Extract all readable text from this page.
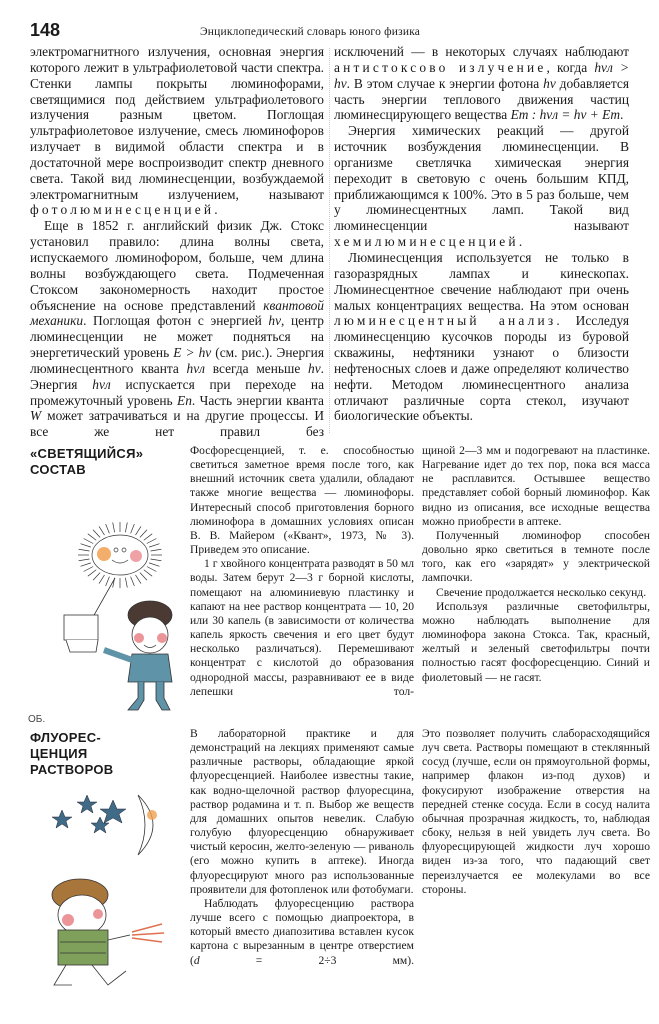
148	Энциклопедический словарь юного физика

электромагнитного излучения, основная энергия которого лежит в ультрафиолетовой части спектра. Стенки лампы покрыты люминофорами, светящимися под действием ультрафиолетового излучения разным цветом. Поглощая ультрафиолетовое излучение, смесь люминофоров излучает в видимой области спектра и в достаточной мере воспроизводит спектр дневного света. Такой вид люминесценции, возбуждаемой электромагнитным излучением, называют фотолюминесценцией.

Еще в 1852 г. английский физик Дж. Стокс установил правило: длина волны света, испускаемого люминофором, больше, чем длина волны возбуждающего света. Подмеченная Стоксом закономерность находит простое объяснение на основе представлений квантовой механики. Поглощая фотон с энергией hν, центр люминесценции не может подняться на энергетический уровень E > hν (см. рис.). Энергия люминесцентного кванта hνл всегда меньше hν. Энергия hνл испускается при переходе на промежуточный уровень Eп. Часть энергии кванта W может затрачиваться и на другие процессы. И все же нет правил без

исключений — в некоторых случаях наблюдают антистоксово излучение, когда hνл > hν. В этом случае к энергии фотона hν добавляется часть энергии теплового движения частиц люминесцирующего вещества Eт : hνл = hν + Eт.

Энергия химических реакций — другой источник возбуждения люминесценции. В организме светлячка химическая энергия переходит в световую с очень большим КПД, приближающимся к 100%. Это в 5 раз больше, чем у люминесцентных ламп. Такой вид люминесценции называют хемилюминесценцией.

Люминесценция используется не только в газоразрядных лампах и кинескопах. Люминесцентное свечение наблюдают при очень малых концентрациях вещества. На этом основан люминесцентный анализ. Исследуя люминесценцию кусочков породы из буровой скважины, нефтяники узнают о близости нефтеносных слоев и даже определяют количество нефти. Методом люминесцентного анализа отличают различные сорта стекол, изучают биологические объекты.

«СВЕТЯЩИЙСЯ»
СОСТАВ

Фосфоресценцией, т. е. способностью светиться заметное время после того, как внешний источник света удалили, обладают также многие вещества — люминофоры. Интересный способ приготовления борного люминофора в домашних условиях описан В. В. Майером («Квант», 1973, № 3). Приведем это описание.

1 г хвойного концентрата разводят в 50 мл воды. Затем берут 2—3 г борной кислоты, помещают на алюминиевую пластинку и капают на нее раствор концентрата — 10, 20 или 30 капель (в зависимости от количества капель яркость свечения и его цвет будут несколько различаться). Перемешивают концентрат с кислотой до образования однородной массы, разравнивают ее в виде лепешки тол-

щиной 2—3 мм и подогревают на пластинке. Нагревание идет до тех пор, пока вся масса не расплавится. Остывшее вещество представляет собой борный люминофор. Как видно из описания, все исходные вещества можно приобрести в аптеке.

Полученный люминофор способен довольно ярко светиться в темноте после того, как его «зарядят» у электрической лампочки.

Свечение продолжается несколько секунд.

Используя различные светофильтры, можно наблюдать выполнение для люминофора закона Стокса. Так, красный, желтый и зеленый светофильтры почти полностью гасят фосфоресценцию. Синий и фиолетовый — не гасят.

ОБ.
ФЛУОРЕС-
ЦЕНЦИЯ
РАСТВОРОВ

В лабораторной практике и для демонстраций на лекциях применяют самые различные растворы, обладающие яркой флуоресценцией. Наиболее известны такие, как водно-щелочной раствор флуоресцина, раствор родамина и т. п. Выбор же веществ для домашних опытов невелик. Слабую голубую флуоресценцию обнаруживает чистый керосин, желто-зеленую — риваноль (его можно купить в аптеке). Иногда флуоресцируют много раз использованные проявители для фотопленок или фотобумаги.

Наблюдать флуоресценцию раствора лучше всего с помощью диапроектора, в который вместо диапозитива вставлен кусок картона с вырезанным в центре отверстием (d = 2÷3 мм).

Это позволяет получить слаборасходящийся луч света. Растворы помещают в стеклянный сосуд (лучше, если он прямоугольной формы, например флакон из-под духов) и фокусируют изображение отверстия на передней стенке сосуда. Если в сосуд налита обычная прозрачная жидкость, то, наблюдая сбоку, нельзя в ней увидеть луч света. Во флуоресцирующей жидкости луч хорошо виден из-за того, что падающий свет переизлучается ее молекулами во все стороны.
